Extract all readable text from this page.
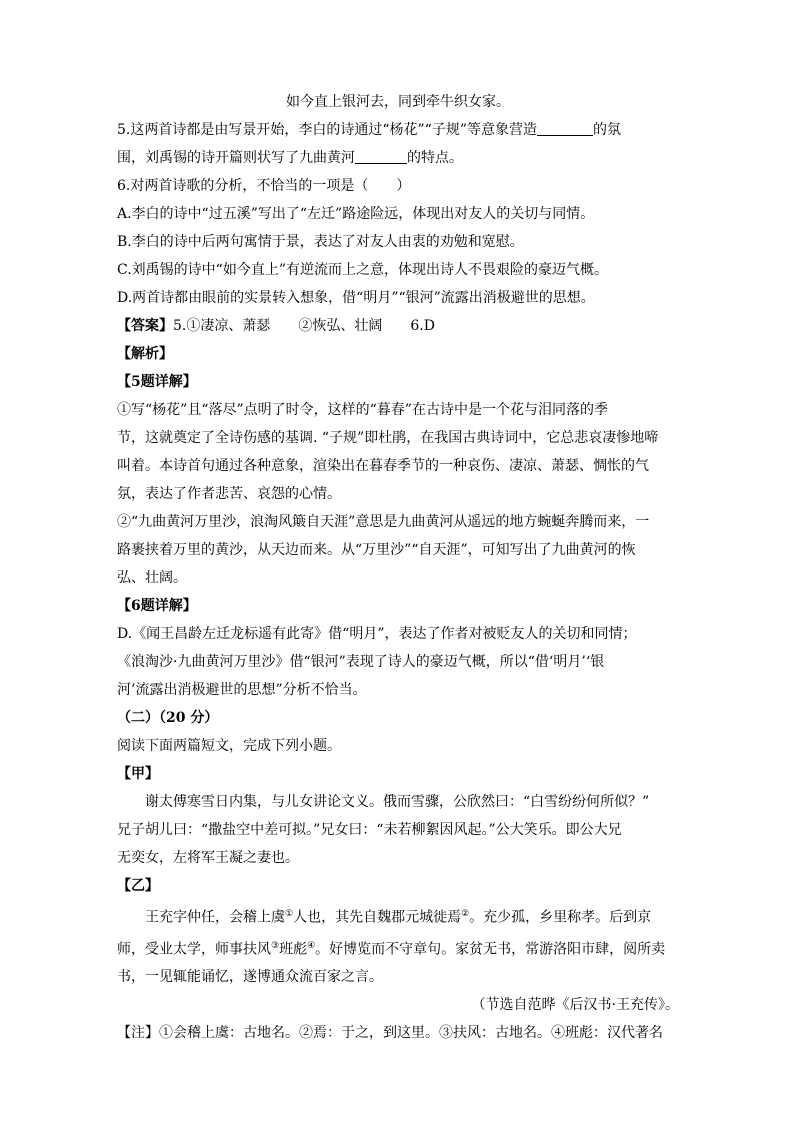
如今直上银河去，同到牵牛织女家。
5.这两首诗都是由写景开始，李白的诗通过“杨花”“子规”等意象营造	的氛
围，刘禹锡的诗开篇则状写了九曲黄河	的特点。
6.对两首诗歌的分析，不恰当的一项是（　　）
A.李白的诗中“过五溪”写出了“左迁”路途险远，体现出对友人的关切与同情。
B.李白的诗中后两句寓情于景，表达了对友人由衷的劝勉和宽慰。
C.刘禹锡的诗中“如今直上”有逆流而上之意，体现出诗人不畏艰险的豪迈气概。
D.两首诗都由眼前的实景转入想象，借“明月”“银河”流露出消极避世的思想。
【答案】5.①凄凉、萧瑟 ②恢弘、壮阔 6.D
【解析】
【5题详解】
①写“杨花”且“落尽”点明了时令，这样的“暮春”在古诗中是一个花与泪同落的季
节，这就奠定了全诗伤感的基调. “子规”即杜鹃，在我国古典诗词中，它总悲哀凄惨地啼
叫着。本诗首句通过各种意象，渲染出在暮春季节的一种哀伤、凄凉、萧瑟、惆怅的气
氛，表达了作者悲苦、哀怨的心情。
②“九曲黄河万里沙，浪淘风簸自天涯”意思是九曲黄河从遥远的地方蜿蜒奔腾而来，一
路裹挟着万里的黄沙，从天边而来。从“万里沙”“自天涯”，可知写出了九曲黄河的恢
弘、壮阔。
【6题详解】
D.《闻王昌龄左迁龙标遥有此寄》借“明月”，表达了作者对被贬友人的关切和同情；
《浪淘沙·九曲黄河万里沙》借“银河”表现了诗人的豪迈气概，所以“借‘明月’‘银
河’流露出消极避世的思想”分析不恰当。
（二）（20 分）
阅读下面两篇短文，完成下列小题。
【甲】
谢太傅寒雪日内集，与儿女讲论文义。俄而雪骤，公欣然曰：“白雪纷纷何所似？”
兄子胡儿曰：“撒盐空中差可拟。”兄女曰：“未若柳絮因风起。”公大笑乐。即公大兄
无奕女，左将军王凝之妻也。
【乙】
王充字仲任，会稽上虞①人也，其先自魏郡元城徙焉②。充少孤，乡里称孝。后到京
师，受业太学，师事扶风③班彪④。好博览而不守章句。家贫无书，常游洛阳市肆，阅所卖
书，一见辄能诵忆，遂博通众流百家之言。
（节选自范晔《后汉书·王充传》。
【注】①会稽上虞：古地名。②焉：于之，到这里。③扶风：古地名。④班彪：汉代著名
